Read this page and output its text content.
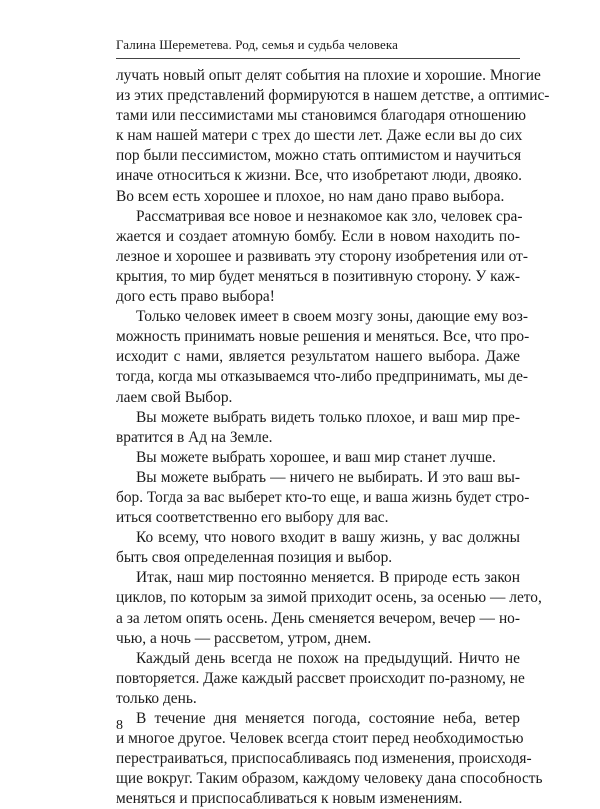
Галина Шереметева. Род, семья и судьба человека
лучать новый опыт делят события на плохие и хорошие. Многие
из этих представлений формируются в нашем детстве, а оптимис-
тами или пессимистами мы становимся благодаря отношению
к нам нашей матери с трех до шести лет. Даже если вы до сих
пор были пессимистом, можно стать оптимистом и научиться
иначе относиться к жизни. Все, что изобретают люди, двояко.
Во всем есть хорошее и плохое, но нам дано право выбора.
Рассматривая все новое и незнакомое как зло, человек сра-
жается и создает атомную бомбу. Если в новом находить по-
лезное и хорошее и развивать эту сторону изобретения или от-
крытия, то мир будет меняться в позитивную сторону. У каж-
дого есть право выбора!
Только человек имеет в своем мозгу зоны, дающие ему воз-
можность принимать новые решения и меняться. Все, что про-
исходит с нами, является результатом нашего выбора. Даже
тогда, когда мы отказываемся что-либо предпринимать, мы де-
лаем свой Выбор.
Вы можете выбрать видеть только плохое, и ваш мир пре-
вратится в Ад на Земле.
Вы можете выбрать хорошее, и ваш мир станет лучше.
Вы можете выбрать — ничего не выбирать. И это ваш вы-
бор. Тогда за вас выберет кто-то еще, и ваша жизнь будет стро-
иться соответственно его выбору для вас.
Ко всему, что нового входит в вашу жизнь, у вас должны
быть своя определенная позиция и выбор.
Итак, наш мир постоянно меняется. В природе есть закон
циклов, по которым за зимой приходит осень, за осенью — лето,
а за летом опять осень. День сменяется вечером, вечер — но-
чью, а ночь — рассветом, утром, днем.
Каждый день всегда не похож на предыдущий. Ничто не
повторяется. Даже каждый рассвет происходит по-разному, не
только день.
В течение дня меняется погода, состояние неба, ветер
и многое другое. Человек всегда стоит перед необходимостью
перестраиваться, приспосабливаясь под изменения, происходя-
щие вокруг. Таким образом, каждому человеку дана способность
меняться и приспосабливаться к новым изменениям.
8
